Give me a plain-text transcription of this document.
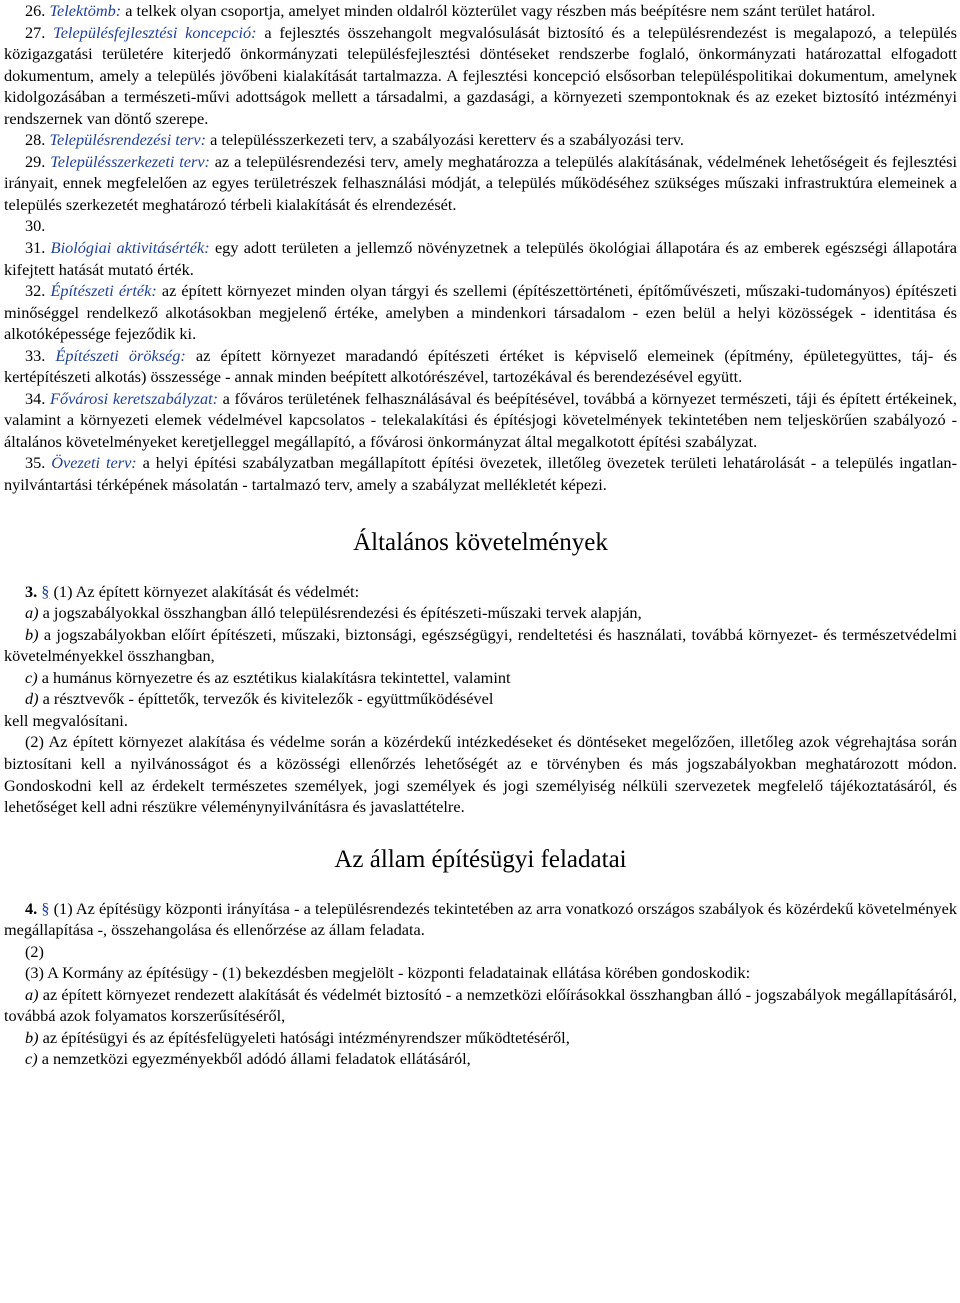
26. Telektömb: a telkek olyan csoportja, amelyet minden oldalról közterület vagy részben más beépítésre nem szánt terület határol.

27. Településfejlesztési koncepció: a fejlesztés összehangolt megvalósulását biztosító és a településrendezést is megalapozó, a település közigazgatási területére kiterjedő önkormányzati településfejlesztési döntéseket rendszerbe foglaló, önkormányzati határozattal elfogadott dokumentum, amely a település jövőbeni kialakítását tartalmazza. A fejlesztési koncepció elsősorban településpolitikai dokumentum, amelynek kidolgozásában a természeti-művi adottságok mellett a társadalmi, a gazdasági, a környezeti szempontoknak és az ezeket biztosító intézményi rendszernek van döntő szerepe.

28. Településrendezési terv: a településszerkezeti terv, a szabályozási keretterv és a szabályozási terv.

29. Településszerkezeti terv: az a településrendezési terv, amely meghatározza a település alakításának, védelmének lehetőségeit és fejlesztési irányait, ennek megfelelően az egyes területrészek felhasználási módját, a település működéséhez szükséges műszaki infrastruktúra elemeinek a település szerkezetét meghatározó térbeli kialakítását és elrendezését.

30.

31. Biológiai aktivitásérték: egy adott területen a jellemző növényzetnek a település ökológiai állapotára és az emberek egészségi állapotára kifejtett hatását mutató érték.

32. Építészeti érték: az épített környezet minden olyan tárgyi és szellemi (építészettörténeti, építőművészeti, műszaki-tudományos) építészeti minőséggel rendelkező alkotásokban megjelenő értéke, amelyben a mindenkori társadalom - ezen belül a helyi közösségek - identitása és alkotóképessége fejeződik ki.

33. Építészeti örökség: az épített környezet maradandó építészeti értéket is képviselő elemeinek (építmény, épületegyüttes, táj- és kertépítészeti alkotás) összessége - annak minden beépített alkotórészével, tartozékával és berendezésével együtt.

34. Fővárosi keretszabályzat: a főváros területének felhasználásával és beépítésével, továbbá a környezet természeti, táji és épített értékeinek, valamint a környezeti elemek védelmével kapcsolatos - telekalakítási és építésjogi követelmények tekintetében nem teljeskörűen szabályozó - általános követelményeket keretjelleggel megállapító, a fővárosi önkormányzat által megalkotott építési szabályzat.

35. Övezeti terv: a helyi építési szabályzatban megállapított építési övezetek, illetőleg övezetek területi lehatárolását - a település ingatlan-nyilvántartási térképének másolatán - tartalmazó terv, amely a szabályzat mellékletét képezi.

Általános követelmények

3. § (1) Az épített környezet alakítását és védelmét:

a) a jogszabályokkal összhangban álló településrendezési és építészeti-műszaki tervek alapján,

b) a jogszabályokban előírt építészeti, műszaki, biztonsági, egészségügyi, rendeltetési és használati, továbbá környezet- és természetvédelmi követelményekkel összhangban,

c) a humánus környezetre és az esztétikus kialakításra tekintettel, valamint

d) a résztvevők - építtetők, tervezők és kivitelezők - együttműködésével

kell megvalósítani.

(2) Az épített környezet alakítása és védelme során a közérdekű intézkedéseket és döntéseket megelőzően, illetőleg azok végrehajtása során biztosítani kell a nyilvánosságot és a közösségi ellenőrzés lehetőségét az e törvényben és más jogszabályokban meghatározott módon. Gondoskodni kell az érdekelt természetes személyek, jogi személyek és jogi személyiség nélküli szervezetek megfelelő tájékoztatásáról, és lehetőséget kell adni részükre véleménynyilvánításra és javaslattételre.

Az állam építésügyi feladatai

4. § (1) Az építésügy központi irányítása - a településrendezés tekintetében az arra vonatkozó országos szabályok és közérdekű követelmények megállapítása -, összehangolása és ellenőrzése az állam feladata.

(2)

(3) A Kormány az építésügy - (1) bekezdésben megjelölt - központi feladatainak ellátása körében gondoskodik:

a) az épített környezet rendezett alakítását és védelmét biztosító - a nemzetközi előírásokkal összhangban álló - jogszabályok megállapításáról, továbbá azok folyamatos korszerűsítéséről,

b) az építésügyi és az építésfelügyeleti hatósági intézményrendszer működtetéséről,

c) a nemzetközi egyezményekből adódó állami feladatok ellátásáról,
